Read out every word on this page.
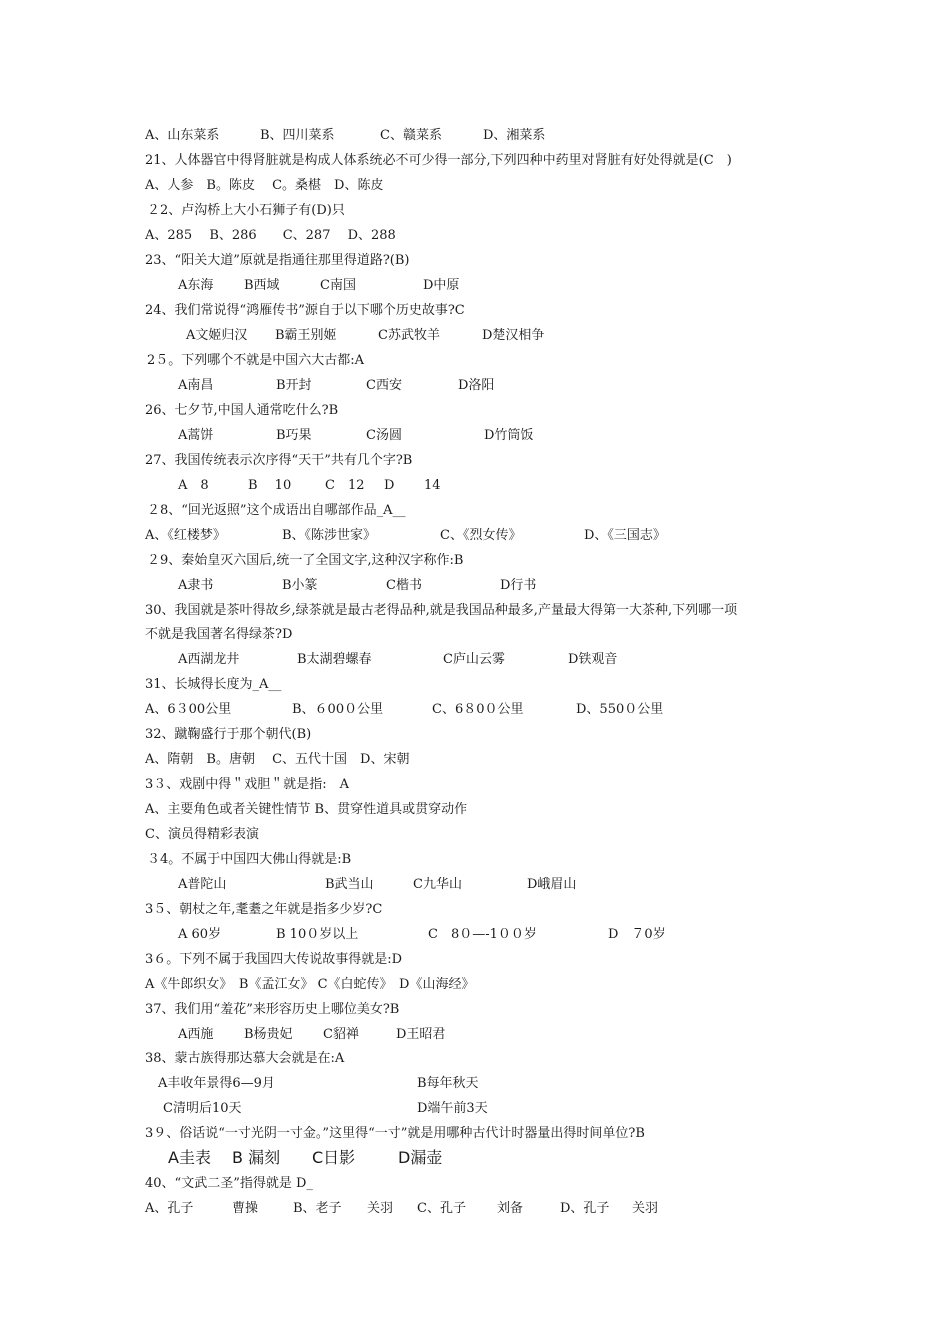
A、山东菜系	B、四川菜系	C、赣菜系	D、湘菜系
21、人体器官中得肾脏就是构成人体系统必不可少得一部分,下列四种中药里对肾脏有好处得就是(C　)
A、人参　B。陈皮　 C。桑椹　D、陈皮
２2、卢沟桥上大小石狮子有(D)只
A、285　 B、286　　C、287　 D、288
23、“阳关大道”原就是指通往那里得道路?(B)
A东海 B西域	C南国	D中原
24、我们常说得“鸿雁传书”源自于以下哪个历史故事?C
A文姬归汉 B霸王别姬	C苏武牧羊	D楚汉相争
2５。下列哪个不就是中国六大古都:A
A南昌	B开封	C西安	D洛阳
26、七夕节,中国人通常吃什么?B
A蒿饼	B巧果	C汤圆	D竹筒饭
27、我国传统表示次序得“天干”共有几个字?B
A　8	B　 10	C　12 D 14
２8、“回光返照”这个成语出自哪部作品_A__
A、《红楼梦》	B、《陈涉世家》	C、《烈女传》	D、《三国志》
２9、秦始皇灭六国后,统一了全国文字,这种汉字称作:B
A隶书	B小篆	C楷书	D行书
30、我国就是茶叶得故乡,绿茶就是最古老得品种,就是我国品种最多,产量最大得第一大茶种,下列哪一项
不就是我国著名得绿茶?D
A西湖龙井	B太湖碧螺春	C庐山云雾	D铁观音
31、长城得长度为_A__
A、6３00公里	B、６00０公里	C、6８0０公里	D、550０公里
32、蹴鞠盛行于那个朝代(B)
A、隋朝　B。唐朝　 C、五代十国　D、宋朝
3３、戏剧中得＂戏胆＂就是指:　A
A、主要角色或者关键性情节 B、贯穿性道具或贯穿动作
C、演员得精彩表演
３4。不属于中国四大佛山得就是:B
A普陀山	B武当山	C九华山	D峨眉山
3５、朝杖之年,耄耋之年就是指多少岁?C
A 60岁	B 10０岁以上	C　8０—-1００岁	D　７0岁
3６。下列不属于我国四大传说故事得就是:D
A《牛郎织女》　B《孟江女》 C《白蛇传》　D《山海经》
37、我们用“羞花”来形容历史上哪位美女?B
A西施 B杨贵妃 C貂禅	D王昭君
38、蒙古族得那达慕大会就是在:A
A丰收年景得6—9月	B每年秋天
C清明后10天	D端午前3天
3９、俗话说“一寸光阴一寸金。”这里得“一寸”就是用哪种古代计时器量出得时间单位?B
A圭表 B 漏刻 C日影	D漏壶
40、“文武二圣”指得就是 D_
A、孔子	曹操	B、老子 关羽 C、孔子 刘备	D、孔子 关羽
